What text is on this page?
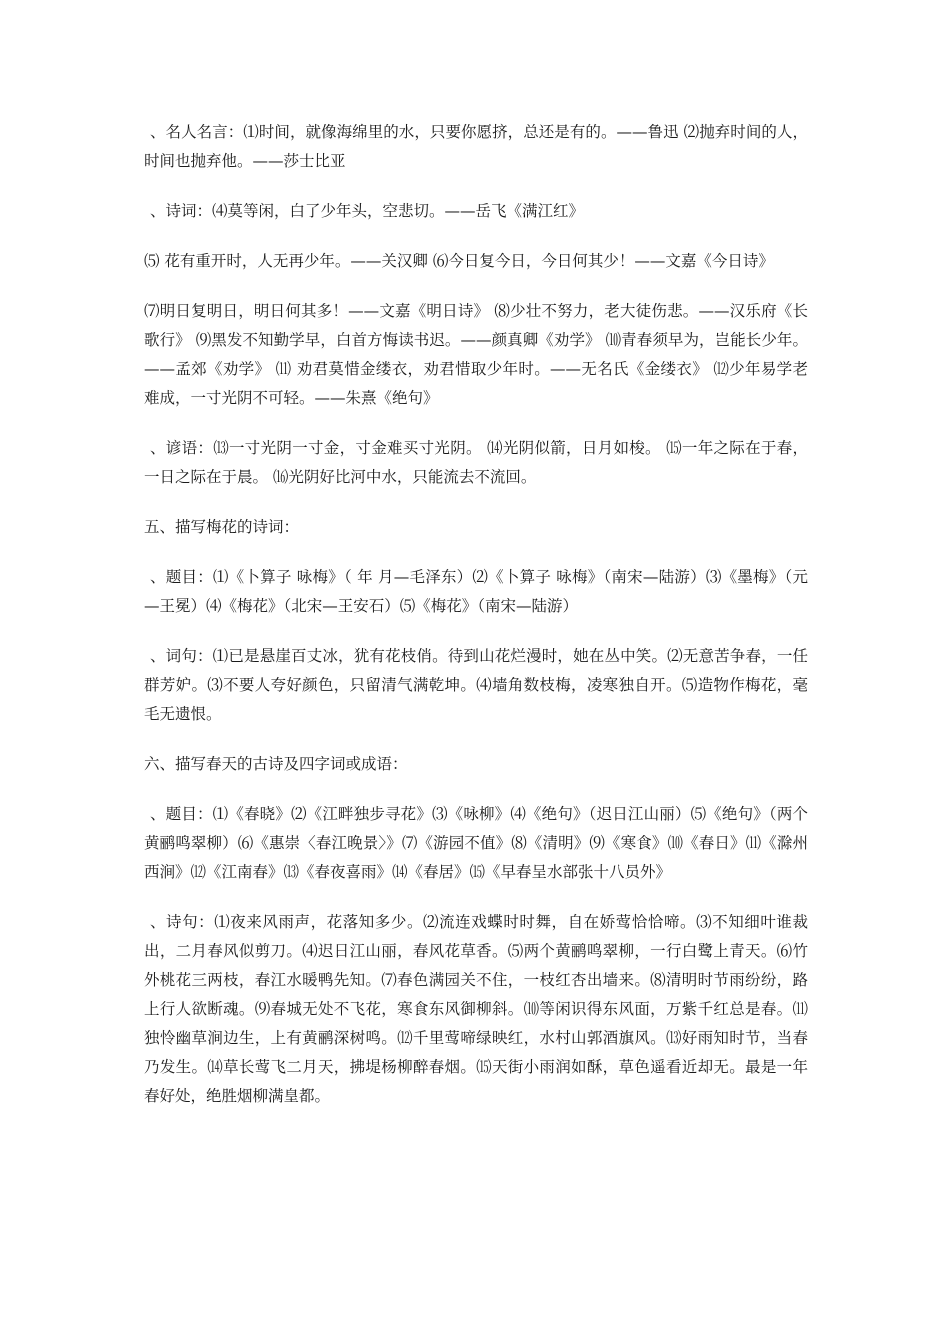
、名人名言：⑴时间，就像海绵里的水，只要你愿挤，总还是有的。——鲁迅 ⑵抛弃时间的人，时间也抛弃他。——莎士比亚

、诗词：⑷莫等闲，白了少年头，空悲切。——岳飞《满江红》

⑸ 花有重开时，人无再少年。——关汉卿 ⑹今日复今日，今日何其少！——文嘉《今日诗》

⑺明日复明日，明日何其多！——文嘉《明日诗》 ⑻少壮不努力，老大徒伤悲。——汉乐府《长歌行》 ⑼黑发不知勤学早，白首方悔读书迟。——颜真卿《劝学》 ⑽青春须早为，岂能长少年。——孟郊《劝学》 ⑾ 劝君莫惜金缕衣，劝君惜取少年时。——无名氏《金缕衣》 ⑿少年易学老难成，一寸光阴不可轻。——朱熹《绝句》

、谚语：⒀一寸光阴一寸金，寸金难买寸光阴。 ⒁光阴似箭，日月如梭。 ⒂一年之际在于春，一日之际在于晨。 ⒃光阴好比河中水，只能流去不流回。

五、描写梅花的诗词：

、题目：⑴《卜算子 咏梅》（ 年 月—毛泽东）⑵《卜算子 咏梅》（南宋—陆游）⑶《墨梅》（元—王冕）⑷《梅花》（北宋—王安石）⑸《梅花》（南宋—陆游）

、词句：⑴已是悬崖百丈冰，犹有花枝俏。待到山花烂漫时，她在丛中笑。⑵无意苦争春，一任群芳妒。⑶不要人夸好颜色，只留清气满乾坤。⑷墙角数枝梅，凌寒独自开。⑸造物作梅花，毫毛无遗恨。

六、描写春天的古诗及四字词或成语：

、题目：⑴《春晓》⑵《江畔独步寻花》⑶《咏柳》⑷《绝句》（迟日江山丽）⑸《绝句》（两个黄鹂鸣翠柳）⑹《惠崇〈春江晚景〉》⑺《游园不值》⑻《清明》⑼《寒食》⑽《春日》⑾《滁州西涧》⑿《江南春》⒀《春夜喜雨》⒁《春居》⒂《早春呈水部张十八员外》

、诗句：⑴夜来风雨声，花落知多少。⑵流连戏蝶时时舞，自在娇莺恰恰啼。⑶不知细叶谁裁出，二月春风似剪刀。⑷迟日江山丽，春风花草香。⑸两个黄鹂鸣翠柳，一行白鹭上青天。⑹竹外桃花三两枝，春江水暖鸭先知。⑺春色满园关不住，一枝红杏出墙来。⑻清明时节雨纷纷，路上行人欲断魂。⑼春城无处不飞花，寒食东风御柳斜。⑽等闲识得东风面，万紫千红总是春。⑾独怜幽草涧边生，上有黄鹂深树鸣。⑿千里莺啼绿映红，水村山郭酒旗风。⒀好雨知时节，当春乃发生。⒁草长莺飞二月天，拂堤杨柳醉春烟。⒂天街小雨润如酥，草色遥看近却无。最是一年春好处，绝胜烟柳满皇都。
